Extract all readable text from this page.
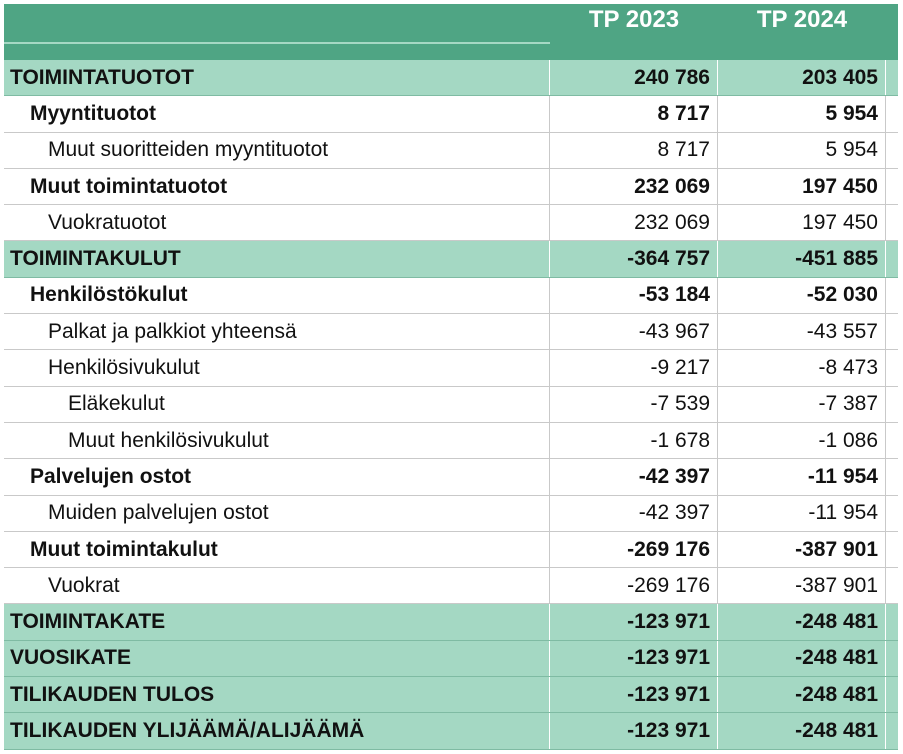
TP 2023	TP 2024
TOIMINTATUOTOT	240 786	203 405
Myyntituotot	8 717	5 954
Muut suoritteiden myyntituotot	8 717	5 954
Muut toimintatuotot	232 069	197 450
Vuokratuotot	232 069	197 450
TOIMINTAKULUT	-364 757	-451 885
Henkilöstökulut	-53 184	-52 030
Palkat ja palkkiot yhteensä	-43 967	-43 557
Henkilösivukulut	-9 217	-8 473
Eläkekulut	-7 539	-7 387
Muut henkilösivukulut	-1 678	-1 086
Palvelujen ostot	-42 397	-11 954
Muiden palvelujen ostot	-42 397	-11 954
Muut toimintakulut	-269 176	-387 901
Vuokrat	-269 176	-387 901
TOIMINTAKATE	-123 971	-248 481
VUOSIKATE	-123 971	-248 481
TILIKAUDEN TULOS	-123 971	-248 481
TILIKAUDEN YLIJÄÄMÄ/ALIJÄÄMÄ	-123 971	-248 481
